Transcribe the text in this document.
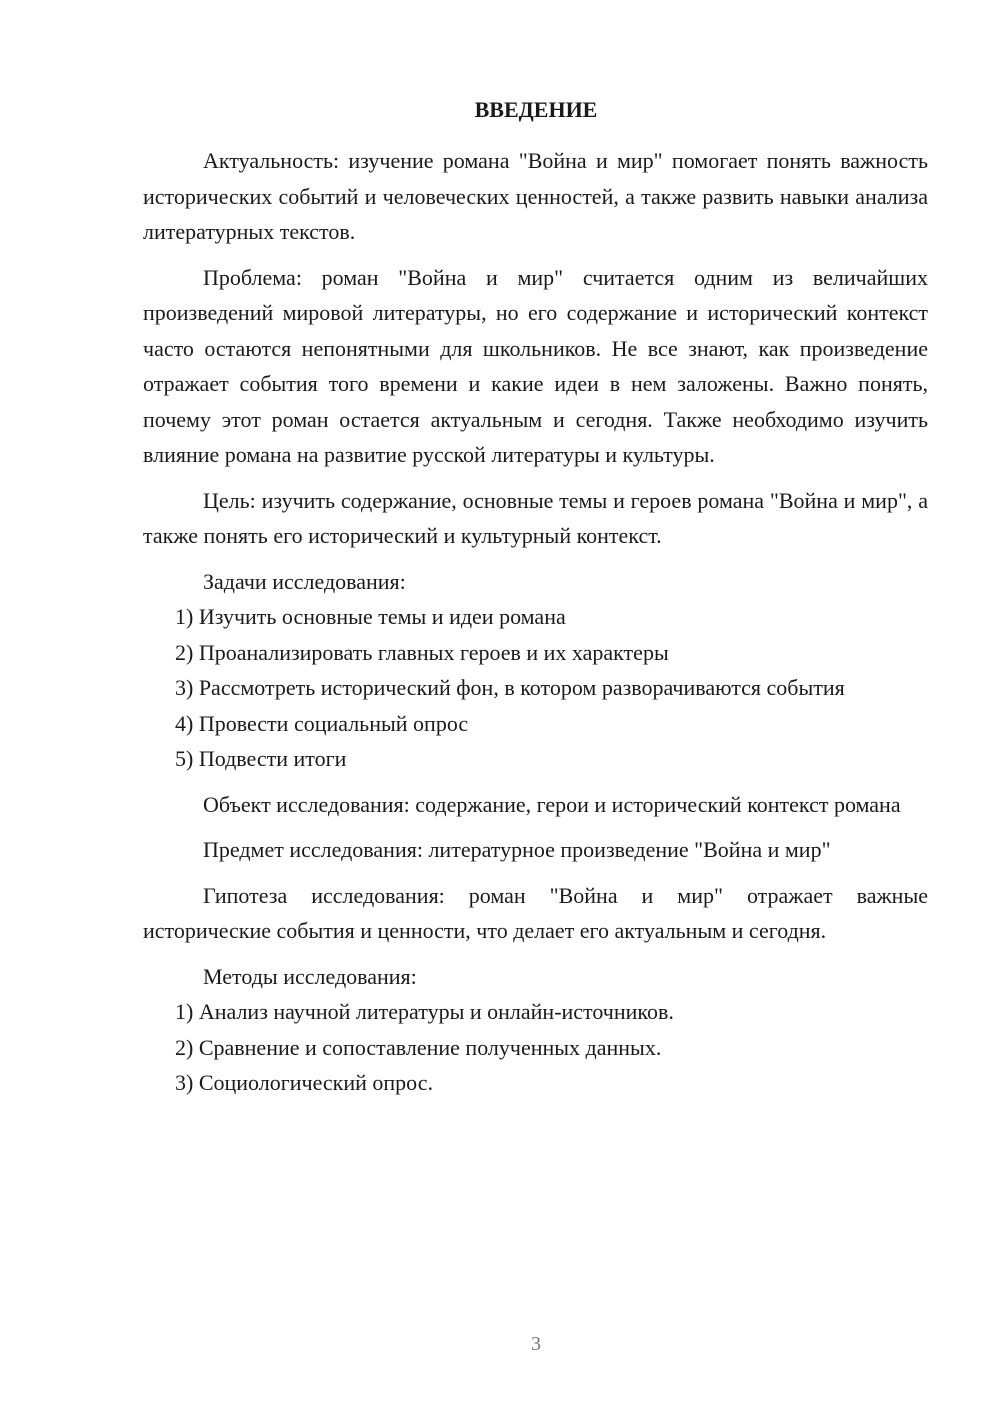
ВВЕДЕНИЕ

Актуальность: изучение романа "Война и мир" помогает понять важность исторических событий и человеческих ценностей, а также развить навыки анализа литературных текстов.

Проблема: роман "Война и мир" считается одним из величайших произведений мировой литературы, но его содержание и исторический контекст часто остаются непонятными для школьников. Не все знают, как произведение отражает события того времени и какие идеи в нем заложены. Важно понять, почему этот роман остается актуальным и сегодня. Также необходимо изучить влияние романа на развитие русской литературы и культуры.

Цель: изучить содержание, основные темы и героев романа "Война и мир", а также понять его исторический и культурный контекст.

Задачи исследования:

1) Изучить основные темы и идеи романа

2) Проанализировать главных героев и их характеры

3) Рассмотреть исторический фон, в котором разворачиваются события

4) Провести социальный опрос

5) Подвести итоги

Объект исследования: содержание, герои и исторический контекст романа

Предмет исследования: литературное произведение "Война и мир"

Гипотеза исследования: роман "Война и мир" отражает важные исторические события и ценности, что делает его актуальным и сегодня.

Методы исследования:

1) Анализ научной литературы и онлайн-источников.

2) Сравнение и сопоставление полученных данных.

3) Социологический опрос.

3
